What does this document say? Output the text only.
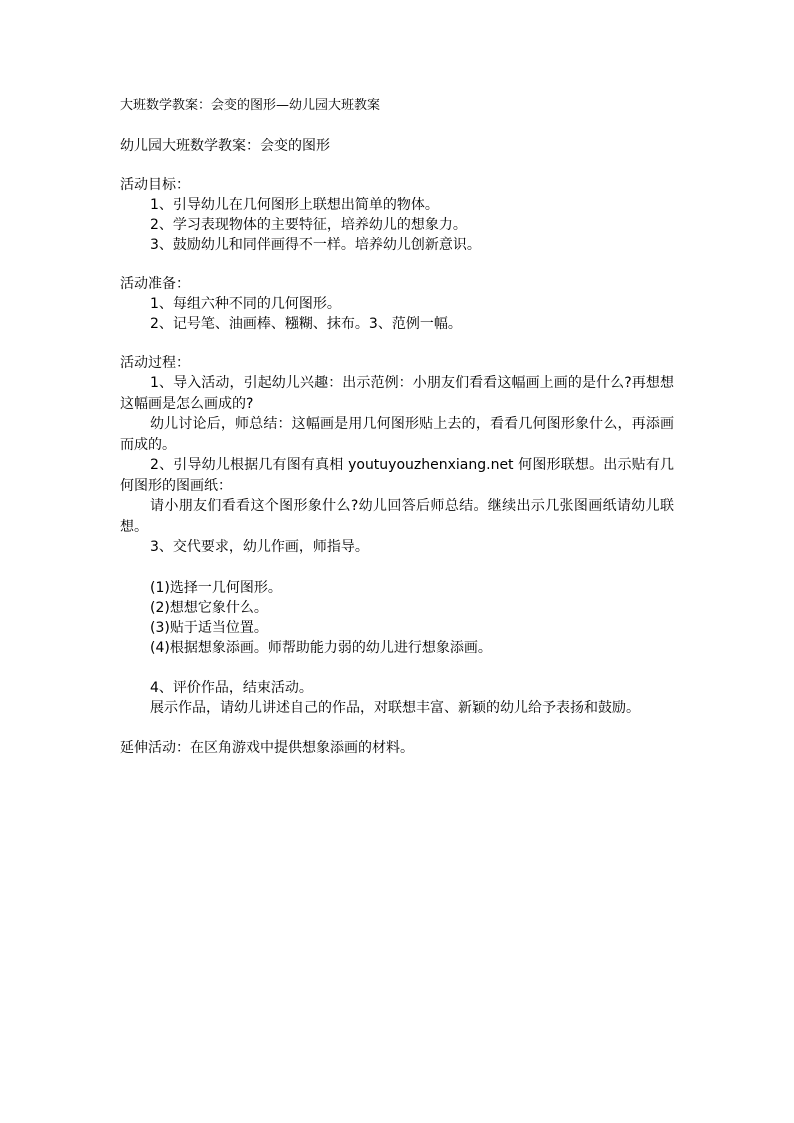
大班数学教案：会变的图形—幼儿园大班教案

幼儿园大班数学教案：会变的图形

活动目标：

1、引导幼儿在几何图形上联想出简单的物体。

2、学习表现物体的主要特征，培养幼儿的想象力。

3、鼓励幼儿和同伴画得不一样。培养幼儿创新意识。

活动准备：

1、每组六种不同的几何图形。

2、记号笔、油画棒、糨糊、抹布。3、范例一幅。

活动过程：

1、导入活动，引起幼儿兴趣：出示范例：小朋友们看看这幅画上画的是什么?再想想这幅画是怎么画成的?

幼儿讨论后，师总结：这幅画是用几何图形贴上去的，看看几何图形象什么，再添画而成的。

2、引导幼儿根据几有图有真相 youtuyouzhenxiang.net 何图形联想。出示贴有几何图形的图画纸：

请小朋友们看看这个图形象什么?幼儿回答后师总结。继续出示几张图画纸请幼儿联想。

3、交代要求，幼儿作画，师指导。

(1)选择一几何图形。

(2)想想它象什么。

(3)贴于适当位置。

(4)根据想象添画。师帮助能力弱的幼儿进行想象添画。

4、评价作品，结束活动。

展示作品，请幼儿讲述自己的作品，对联想丰富、新颖的幼儿给予表扬和鼓励。

延伸活动：在区角游戏中提供想象添画的材料。
